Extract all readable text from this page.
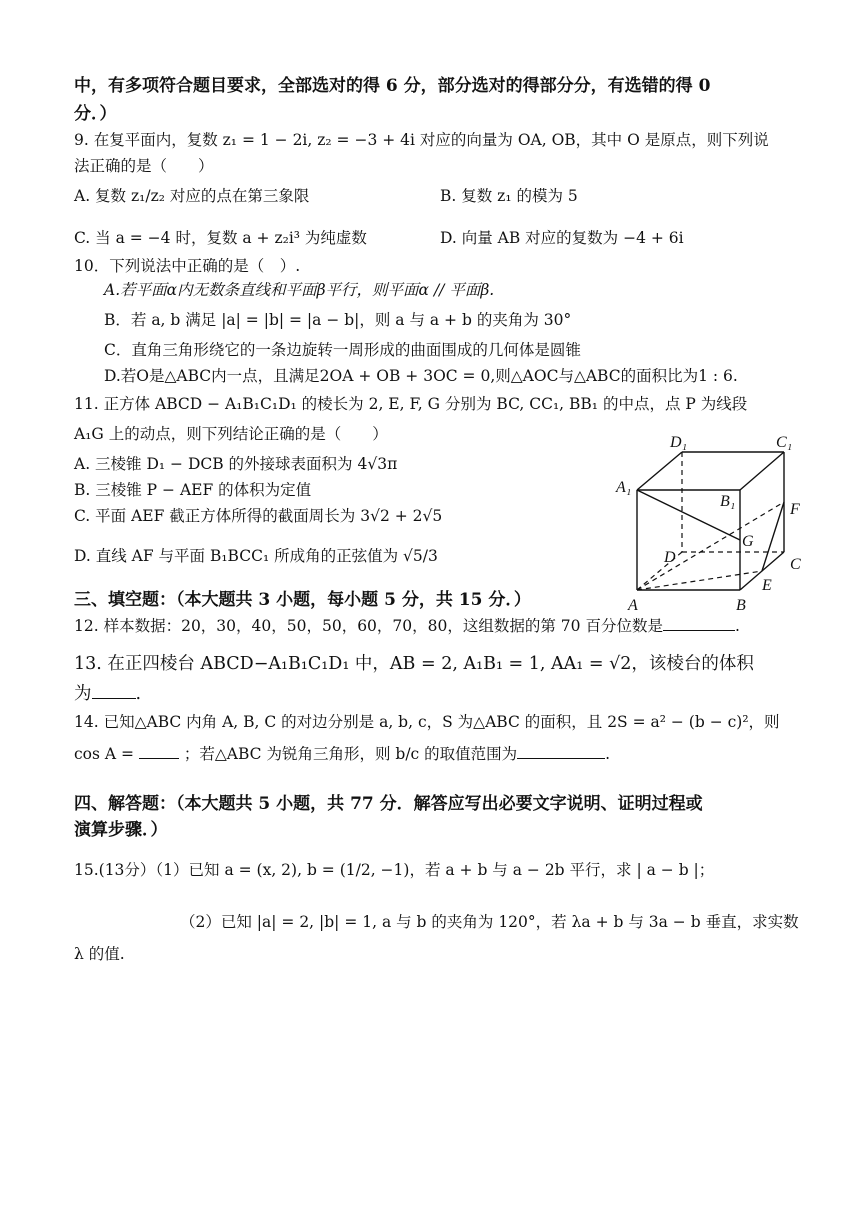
中，有多项符合题目要求，全部选对的得 6 分，部分选对的得部分分，有选错的得 0
分．）
9. 在复平面内，复数 z₁ = 1 − 2i, z₂ = −3 + 4i 对应的向量为 OA, OB，其中 O 是原点，则下列说
法正确的是（　　）
A. 复数 z₁/z₂ 对应的点在第三象限	B. 复数 z₁ 的模为 5
C. 当 a = −4 时，复数 a + z₂i³ 为纯虚数	D. 向量 AB 对应的复数为 −4 + 6i
10．下列说法中正确的是（　）.
A.若平面α内无数条直线和平面β平行，则平面α // 平面β.
B．若 a, b 满足 |a| = |b| = |a − b|，则 a 与 a + b 的夹角为 30°
C．直角三角形绕它的一条边旋转一周形成的曲面围成的几何体是圆锥
D.若O是△ABC内一点，且满足2OA + OB + 3OC = 0,则△AOC与△ABC的面积比为1 : 6.
11. 正方体 ABCD − A₁B₁C₁D₁ 的棱长为 2, E, F, G 分别为 BC, CC₁, BB₁ 的中点，点 P 为线段
A₁G 上的动点，则下列结论正确的是（　　）
A. 三棱锥 D₁ − DCB 的外接球表面积为 4√3π
B. 三棱锥 P − AEF 的体积为定值
C. 平面 AEF 截正方体所得的截面周长为 3√2 + 2√5
D. 直线 AF 与平面 B₁BCC₁ 所成角的正弦值为 √5/3
D₁	C₁
A₁
B₁	F
G
D	C
E
A	B
三、填空题：（本大题共 3 小题，每小题 5 分，共 15 分．）
12. 样本数据：20，30，40，50，50，60，70，80，这组数据的第 70 百分位数是	.
13. 在正四棱台 ABCD−A₁B₁C₁D₁ 中，AB = 2, A₁B₁ = 1, AA₁ = √2，该棱台的体积
为	.
14. 已知△ABC 内角 A, B, C 的对边分别是 a, b, c，S 为△ABC 的面积，且 2S = a² − (b − c)²，则
cos A =	；若△ABC 为锐角三角形，则 b/c 的取值范围为	.
四、解答题：（本大题共 5 小题，共 77 分．解答应写出必要文字说明、证明过程或
演算步骤．）
15.(13分）（1）已知 a = (x, 2), b = (1/2, −1)，若 a + b 与 a − 2b 平行，求 | a − b |；
（2）已知 |a| = 2, |b| = 1, a 与 b 的夹角为 120°，若 λa + b 与 3a − b 垂直，求实数
λ 的值.
